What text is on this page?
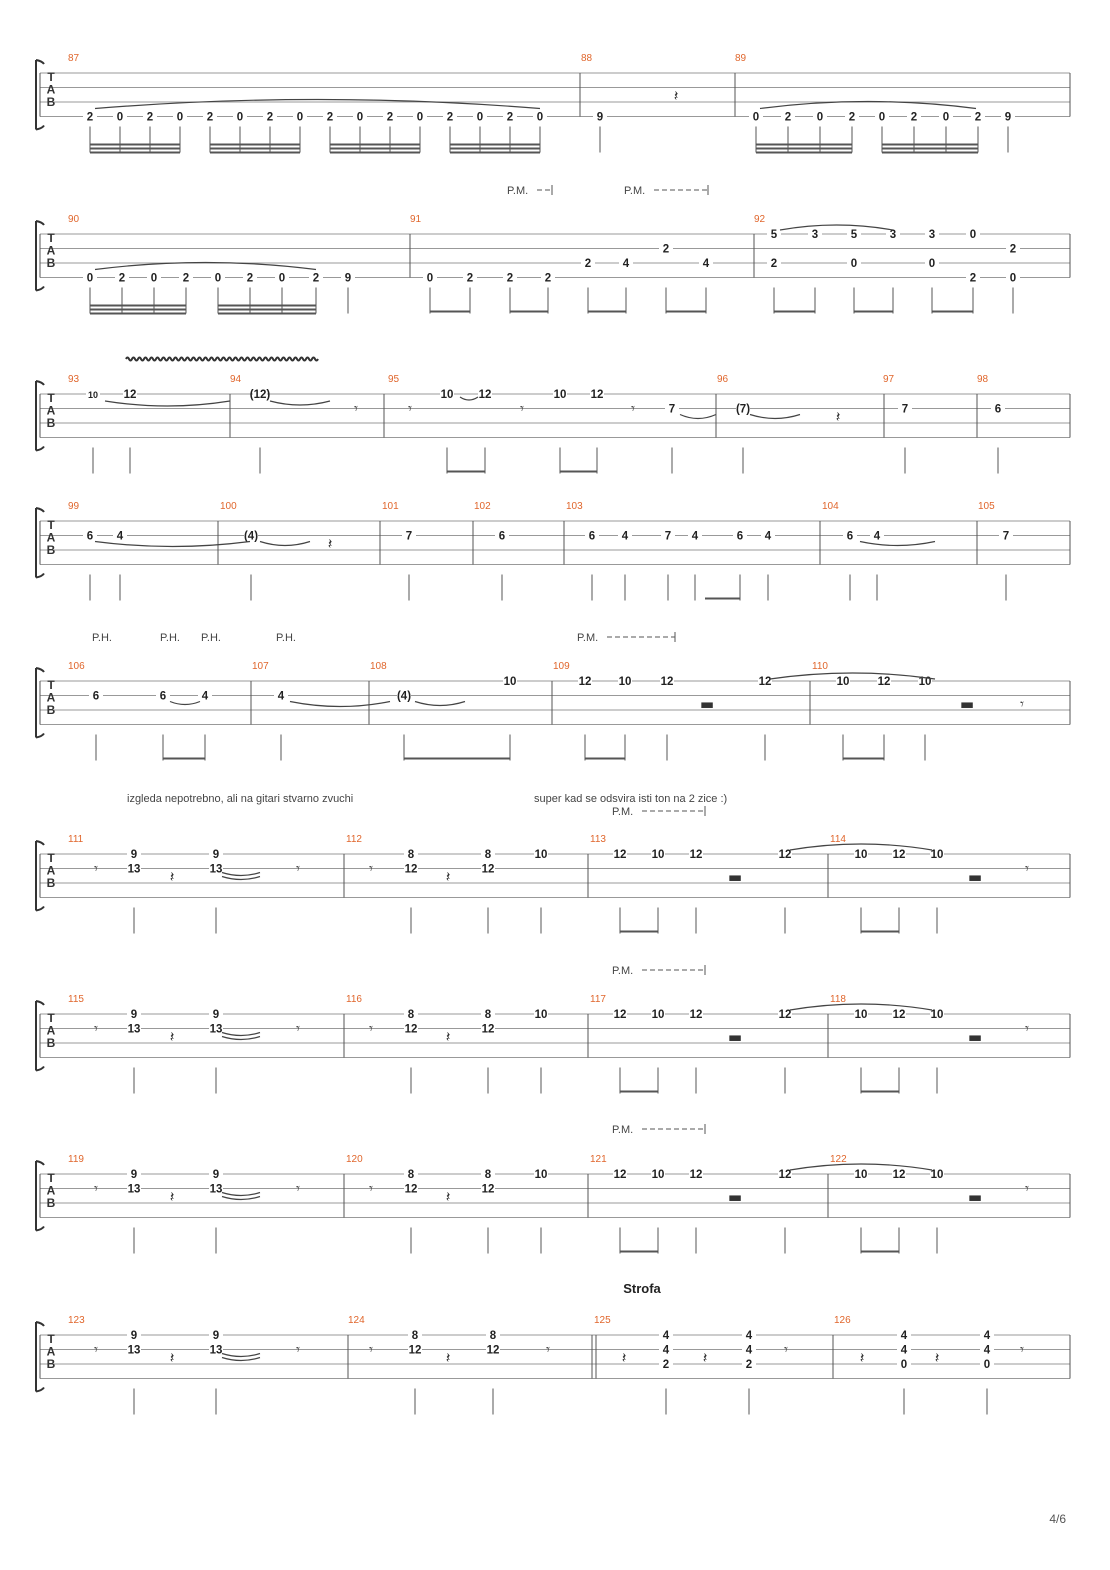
T
A
B
87
2 0 2 0 2 0 2 0 2 0 2 0 2 0 2 0
88
9
89
0 2 0 2 0 2 0 2 9
T
A
B
90
0 2 0 2 0 2 0 2 9
91
0	2	2	2
2	4
2
4
92
5
2
3	5
0
3	3
0
0
2
2
0
T
A
B
93
10 12
94
(12)
95
10 12	10 12
7
96
(7)
97
7
98
6
T
A
B
99
6 4
100
(4)
101
7
102
6
103
6 4	7 4	6 4
104
6 4
105
7
T
A
B
106
6	6	4
107
4
108
(4)
10
109
12 10	12	12
110
10 12 10
T
A
B
111
9
13
9
13
112
8
12
8
12
10
113
12 10 12	12
114
10 12 10
T
A
B
115
9
13
9
13
116
8
12
8
12
10
117
12 10 12	12
118
10 12 10
T
A
B
119
9
13
9
13
120
8
12
8
12
10
121
12 10 12	12
122
10 12 10
T
A
B
123
9
13
9
13
124
8
12
8
12
125
4
4
2
4
4
2
126
4
4
0
4
4
0
𝄽
𝄾	𝄾	𝄾	𝄾	𝄽
𝄽
▬	▬	𝄾
𝄾	𝄽	𝄾	𝄾	𝄽	▬	▬	𝄾
𝄾	𝄽	𝄾	𝄾	𝄽	▬	▬	𝄾
𝄾	𝄽	𝄾	𝄾	𝄽	▬	▬	𝄾
𝄾	𝄽	𝄾	𝄾	𝄽	𝄾	𝄽	𝄽	𝄾	𝄽	𝄽	𝄾
P.M.	P.M.
P.M.
P.M.
P.M.
P.M.
P.H.	P.H. P.H.	P.H.
izgleda nepotrebno, ali na gitari stvarno zvuchi	super kad se odsvira isti ton na 2 zice :)
Strofa
4/6
